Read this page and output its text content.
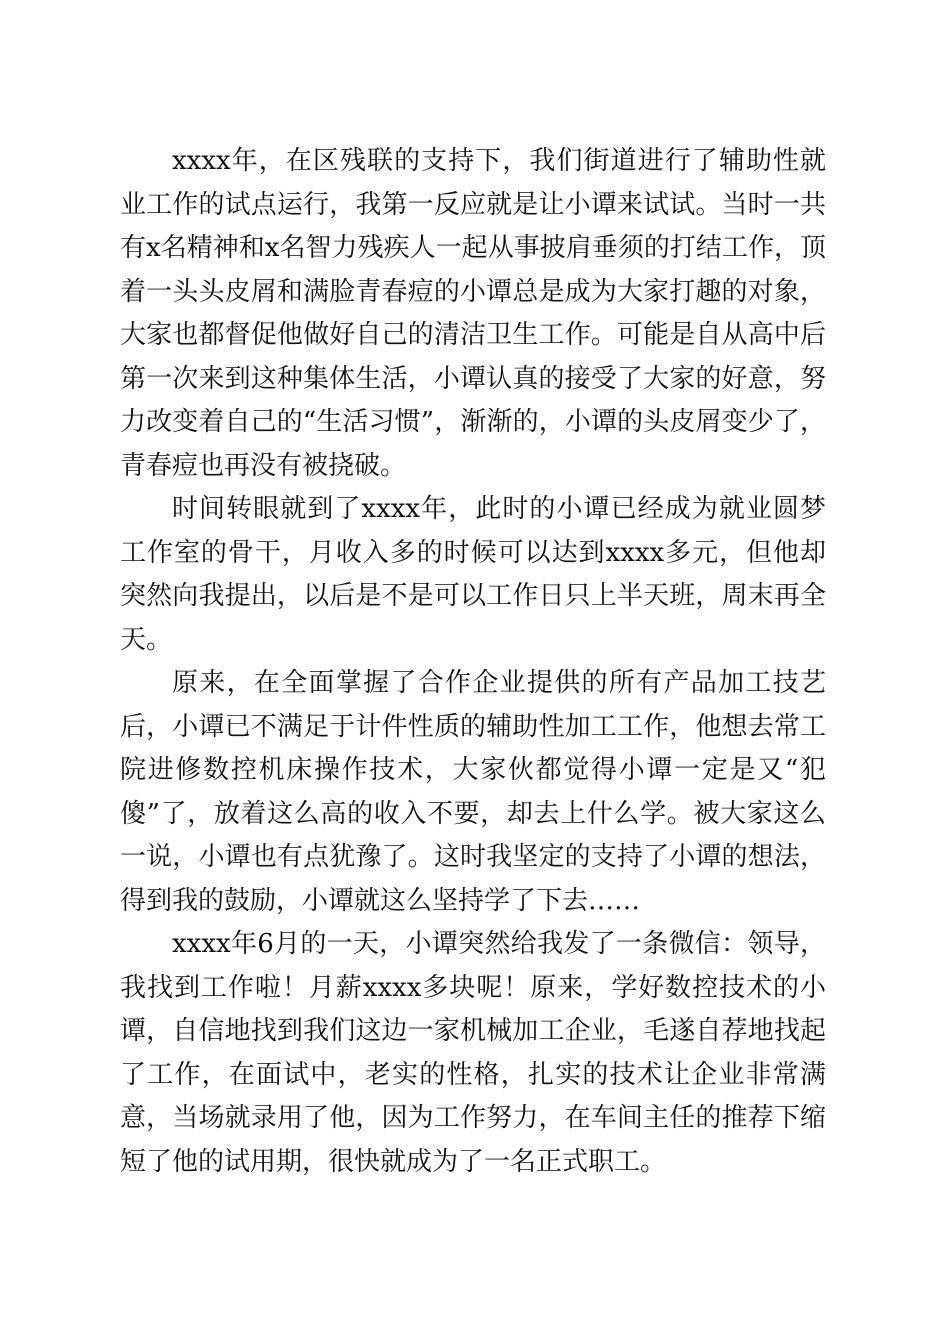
xxxx年，在区残联的支持下，我们街道进行了辅助性就业工作的试点运行，我第一反应就是让小谭来试试。当时一共有x名精神和x名智力残疾人一起从事披肩垂须的打结工作，顶着一头头皮屑和满脸青春痘的小谭总是成为大家打趣的对象，大家也都督促他做好自己的清洁卫生工作。可能是自从高中后第一次来到这种集体生活，小谭认真的接受了大家的好意，努力改变着自己的“生活习惯”，渐渐的，小谭的头皮屑变少了，青春痘也再没有被挠破。

时间转眼就到了xxxx年，此时的小谭已经成为就业圆梦工作室的骨干，月收入多的时候可以达到xxxx多元，但他却突然向我提出，以后是不是可以工作日只上半天班，周末再全天。

原来，在全面掌握了合作企业提供的所有产品加工技艺后，小谭已不满足于计件性质的辅助性加工工作，他想去常工院进修数控机床操作技术，大家伙都觉得小谭一定是又“犯傻”了，放着这么高的收入不要，却去上什么学。被大家这么一说，小谭也有点犹豫了。这时我坚定的支持了小谭的想法，得到我的鼓励，小谭就这么坚持学了下去……

xxxx年6月的一天，小谭突然给我发了一条微信：领导，我找到工作啦！月薪xxxx多块呢！原来，学好数控技术的小谭，自信地找到我们这边一家机械加工企业，毛遂自荐地找起了工作，在面试中，老实的性格，扎实的技术让企业非常满意，当场就录用了他，因为工作努力，在车间主任的推荐下缩短了他的试用期，很快就成为了一名正式职工。
